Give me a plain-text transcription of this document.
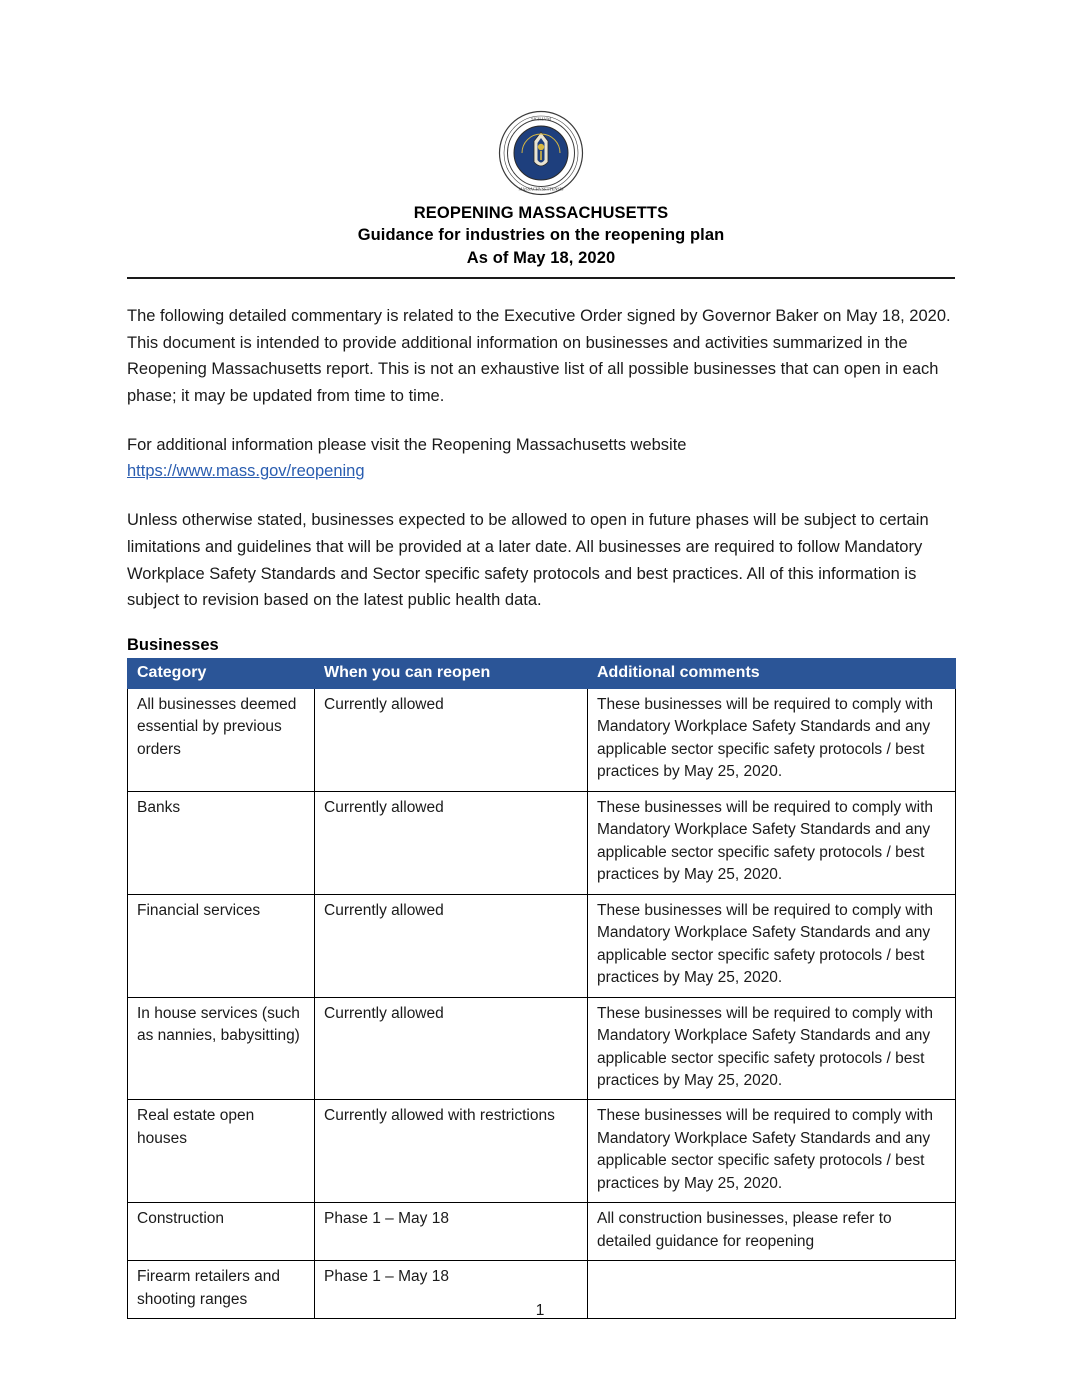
SIGILLVM
MASSACHVSETTENSIS
REOPENING MASSACHUSETTS
Guidance for industries on the reopening plan
As of May 18, 2020

The following detailed commentary is related to the Executive Order signed by Governor Baker on May 18, 2020. This document is intended to provide additional information on businesses and activities summarized in the Reopening Massachusetts report. This is not an exhaustive list of all possible businesses that can open in each phase; it may be updated from time to time.

For additional information please visit the Reopening Massachusetts website
https://www.mass.gov/reopening

Unless otherwise stated, businesses expected to be allowed to open in future phases will be subject to certain limitations and guidelines that will be provided at a later date. All businesses are required to follow Mandatory Workplace Safety Standards and Sector specific safety protocols and best practices. All of this information is subject to revision based on the latest public health data.

Businesses
Category	When you can reopen	Additional comments
All businesses deemed essential by previous orders	Currently allowed	These businesses will be required to comply with Mandatory Workplace Safety Standards and any applicable sector specific safety protocols / best practices by May 25, 2020.
Banks	Currently allowed	These businesses will be required to comply with Mandatory Workplace Safety Standards and any applicable sector specific safety protocols / best practices by May 25, 2020.
Financial services	Currently allowed	These businesses will be required to comply with Mandatory Workplace Safety Standards and any applicable sector specific safety protocols / best practices by May 25, 2020.
In house services (such as nannies, babysitting)	Currently allowed	These businesses will be required to comply with Mandatory Workplace Safety Standards and any applicable sector specific safety protocols / best practices by May 25, 2020.
Real estate open houses	Currently allowed with restrictions	These businesses will be required to comply with Mandatory Workplace Safety Standards and any applicable sector specific safety protocols / best practices by May 25, 2020.
Construction	Phase 1 – May 18	All construction businesses, please refer to detailed guidance for reopening
Firearm retailers and shooting ranges	Phase 1 – May 18	
1
